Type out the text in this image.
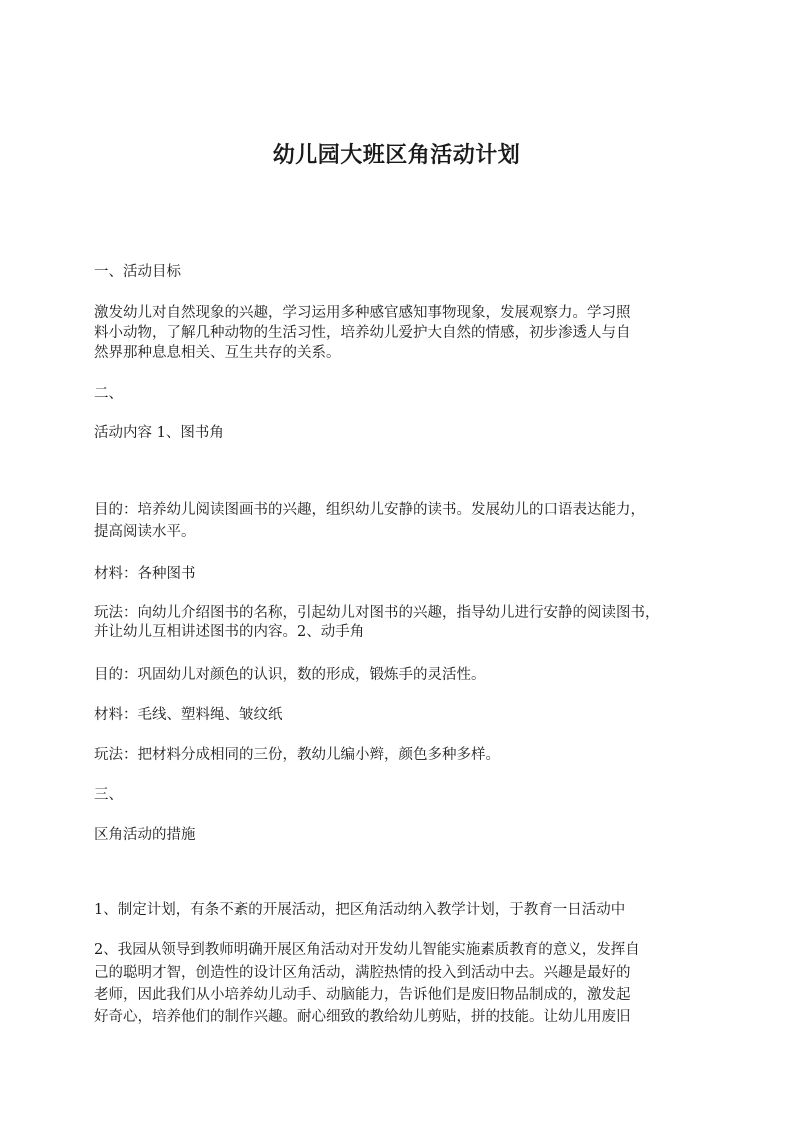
幼儿园大班区角活动计划
一、活动目标
激发幼儿对自然现象的兴趣，学习运用多种感官感知事物现象，发展观察力。学习照
料小动物，了解几种动物的生活习性，培养幼儿爱护大自然的情感，初步渗透人与自
然界那种息息相关、互生共存的关系。
二、
活动内容 1、图书角
目的：培养幼儿阅读图画书的兴趣，组织幼儿安静的读书。发展幼儿的口语表达能力，
提高阅读水平。
材料：各种图书
玩法：向幼儿介绍图书的名称，引起幼儿对图书的兴趣，指导幼儿进行安静的阅读图书，
并让幼儿互相讲述图书的内容。2、动手角
目的：巩固幼儿对颜色的认识，数的形成，锻炼手的灵活性。
材料：毛线、塑料绳、皱纹纸
玩法：把材料分成相同的三份，教幼儿编小辫，颜色多种多样。
三、
区角活动的措施
1、制定计划，有条不紊的开展活动，把区角活动纳入教学计划，于教育一日活动中
2、我园从领导到教师明确开展区角活动对开发幼儿智能实施素质教育的意义，发挥自
己的聪明才智，创造性的设计区角活动，满腔热情的投入到活动中去。兴趣是最好的
老师，因此我们从小培养幼儿动手、动脑能力，告诉他们是废旧物品制成的，激发起
好奇心，培养他们的制作兴趣。耐心细致的教给幼儿剪贴，拼的技能。让幼儿用废旧
